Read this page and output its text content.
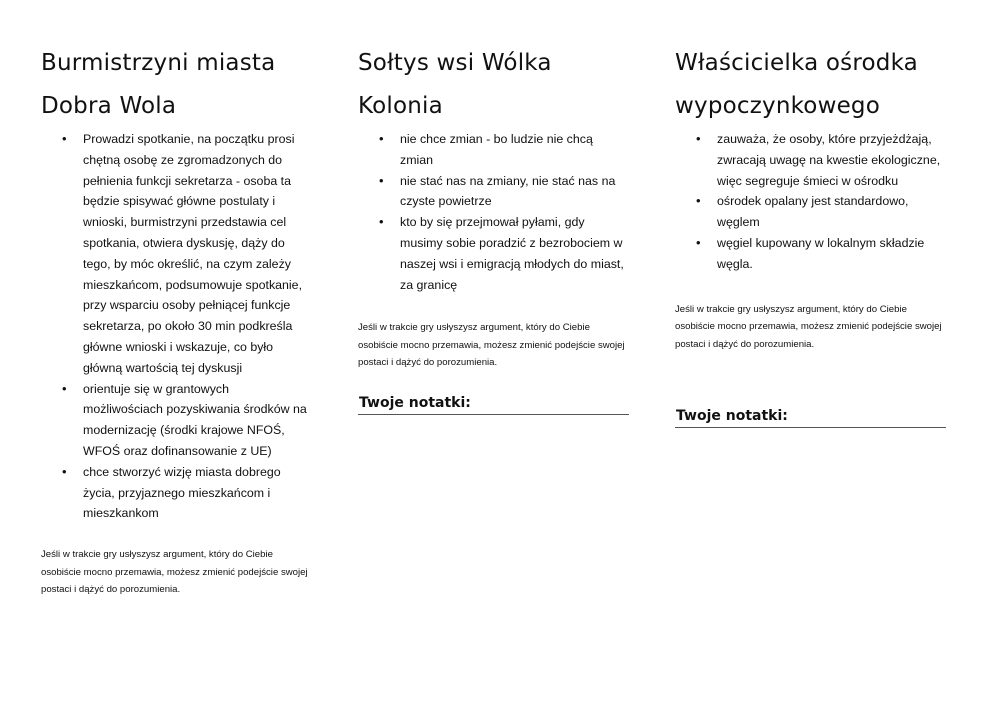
Burmistrzyni miasta
Dobra Wola
• Prowadzi spotkanie, na początku prosi chętną osobę ze zgromadzonych do pełnienia funkcji sekretarza - osoba ta będzie spisywać główne postulaty i wnioski, burmistrzyni przedstawia cel spotkania, otwiera dyskusję, dąży do tego, by móc określić, na czym zależy mieszkańcom, podsumowuje spotkanie, przy wsparciu osoby pełniącej funkcje sekretarza, po około 30 min podkreśla główne wnioski i wskazuje, co było główną wartością tej dyskusji
• orientuje się w grantowych możliwościach pozyskiwania środków na modernizację (środki krajowe NFOŚ, WFOŚ oraz dofinansowanie z UE)
• chce stworzyć wizję miasta dobrego życia, przyjaznego mieszkańcom i mieszkankom

Jeśli w trakcie gry usłyszysz argument, który do Ciebie osobiście mocno przemawia, możesz zmienić podejście swojej postaci i dążyć do porozumienia.

Sołtys wsi Wólka
Kolonia
• nie chce zmian - bo ludzie nie chcą zmian
• nie stać nas na zmiany, nie stać nas na czyste powietrze
• kto by się przejmował pyłami, gdy musimy sobie poradzić z bezrobociem w naszej wsi i emigracją młodych do miast, za granicę

Jeśli w trakcie gry usłyszysz argument, który do Ciebie osobiście mocno przemawia, możesz zmienić podejście swojej postaci i dążyć do porozumienia.

Twoje notatki:
Właścicielka ośrodka
wypoczynkowego
• zauważa, że osoby, które przyjeżdżają, zwracają uwagę na kwestie ekologiczne, więc segreguje śmieci w ośrodku
• ośrodek opalany jest standardowo, węglem
• węgiel kupowany w lokalnym składzie węgla.

Jeśli w trakcie gry usłyszysz argument, który do Ciebie osobiście mocno przemawia, możesz zmienić podejście swojej postaci i dążyć do porozumienia.

Twoje notatki:
